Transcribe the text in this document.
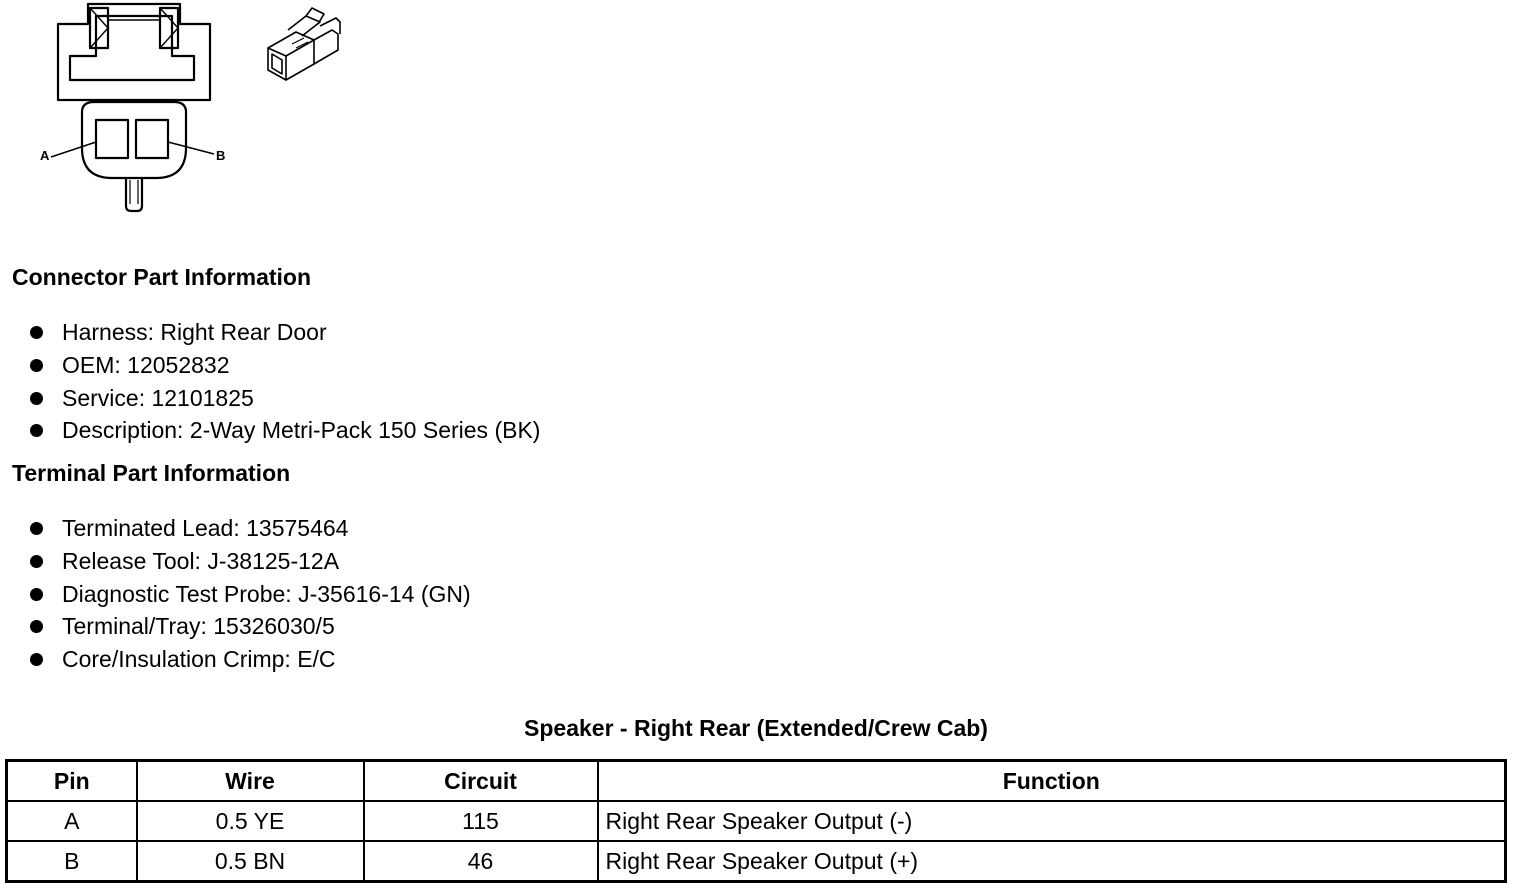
A	B
Connector Part Information
Harness: Right Rear Door
OEM: 12052832
Service: 12101825
Description: 2-Way Metri-Pack 150 Series (BK)
Terminal Part Information
Terminated Lead: 13575464
Release Tool: J-38125-12A
Diagnostic Test Probe: J-35616-14 (GN)
Terminal/Tray: 15326030/5
Core/Insulation Crimp: E/C
Speaker - Right Rear (Extended/Crew Cab)
Pin	Wire	Circuit	Function
A	0.5 YE	115	Right Rear Speaker Output (-)
B	0.5 BN	46	Right Rear Speaker Output (+)
